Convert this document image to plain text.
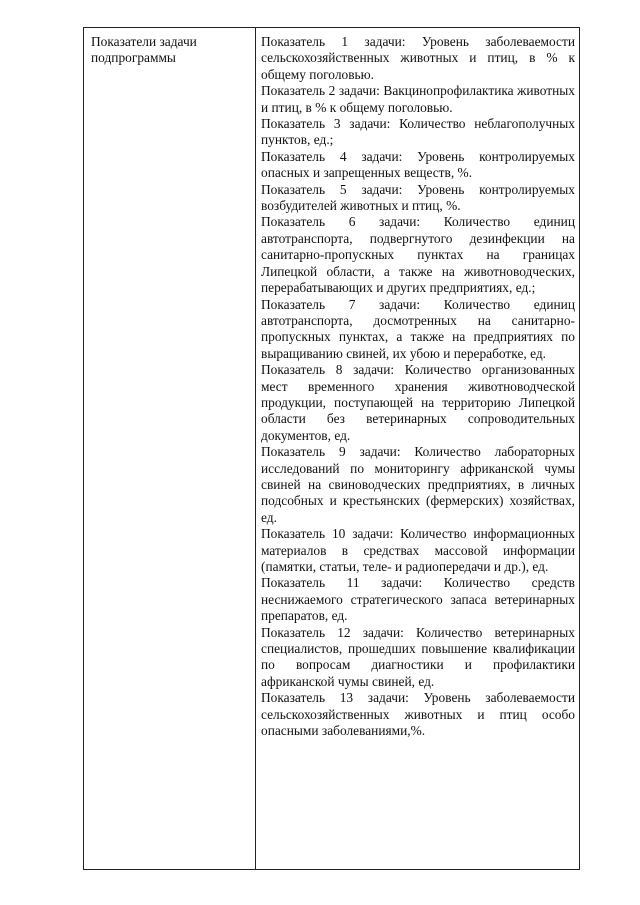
Показатели задачи подпрограммы

Показатель 1 задачи: Уровень заболеваемости сельскохозяйственных животных и птиц, в % к общему поголовью.

Показатель 2 задачи: Вакцинопрофилактика животных и птиц, в % к общему поголовью.

Показатель 3 задачи: Количество неблагополучных пунктов, ед.;

Показатель 4 задачи: Уровень контролируемых опасных и запрещенных веществ, %.

Показатель 5 задачи: Уровень контролируемых возбудителей животных и птиц, %.

Показатель 6 задачи: Количество единиц автотранспорта, подвергнутого дезинфекции на санитарно-пропускных пунктах на границах Липецкой области, а также на животноводческих, перерабатывающих и других предприятиях, ед.;

Показатель 7 задачи: Количество единиц автотранспорта, досмотренных на санитарно-пропускных пунктах, а также на предприятиях по выращиванию свиней, их убою и переработке, ед.

Показатель 8 задачи: Количество организованных мест временного хранения животноводческой продукции, поступающей на территорию Липецкой области без ветеринарных сопроводительных документов, ед.

Показатель 9 задачи: Количество лабораторных исследований по мониторингу африканской чумы свиней на свиноводческих предприятиях, в личных подсобных и крестьянских (фермерских) хозяйствах, ед.

Показатель 10 задачи: Количество информационных материалов в средствах массовой информации (памятки, статьи, теле- и радиопередачи и др.), ед.

Показатель 11 задачи: Количество средств неснижаемого стратегического запаса ветеринарных препаратов, ед.

Показатель 12 задачи: Количество ветеринарных специалистов, прошедших повышение квалификации по вопросам диагностики и профилактики африканской чумы свиней, ед.

Показатель 13 задачи: Уровень заболеваемости сельскохозяйственных животных и птиц особо опасными заболеваниями,%.
